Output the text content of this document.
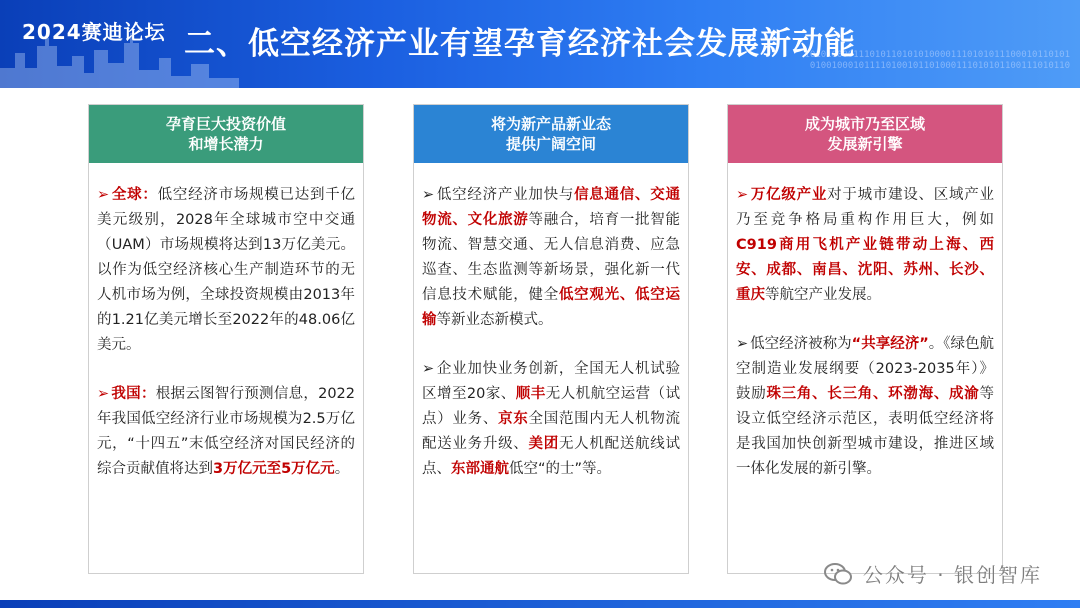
1010100001110101101010100001110101011100010110101
010010001011110100101101000111010101100111010110
2024赛迪论坛 二、低空经济产业有望孕育经济社会发展新动能
孕育巨大投资价值
和增长潜力

➢ 全球：低空经济市场规模已达到千亿美元级别，2028年全球城市空中交通（UAM）市场规模将达到13万亿美元。以作为低空经济核心生产制造环节的无人机市场为例，全球投资规模由2013年的1.21亿美元增长至2022年的48.06亿美元。

➢ 我国：根据云图智行预测信息，2022年我国低空经济行业市场规模为2.5万亿元，“十四五”末低空经济对国民经济的综合贡献值将达到3万亿元至5万亿元。

将为新产品新业态
提供广阔空间

➢ 低空经济产业加快与信息通信、交通物流、文化旅游等融合，培育一批智能物流、智慧交通、无人信息消费、应急巡查、生态监测等新场景，强化新一代信息技术赋能，健全低空观光、低空运输等新业态新模式。

➢ 企业加快业务创新，全国无人机试验区增至20家、顺丰无人机航空运营（试点）业务、京东全国范围内无人机物流配送业务升级、美团无人机配送航线试点、东部通航低空“的士”等。

成为城市乃至区域
发展新引擎

➢ 万亿级产业对于城市建设、区域产业乃至竞争格局重构作用巨大，例如C919商用飞机产业链带动上海、西安、成都、南昌、沈阳、苏州、长沙、重庆等航空产业发展。

➢ 低空经济被称为“共享经济”。《绿色航空制造业发展纲要（2023-2035年）》鼓励珠三角、长三角、环渤海、成渝等设立低空经济示范区，表明低空经济将是我国加快创新型城市建设，推进区域一体化发展的新引擎。

公众号 · 银创智库
